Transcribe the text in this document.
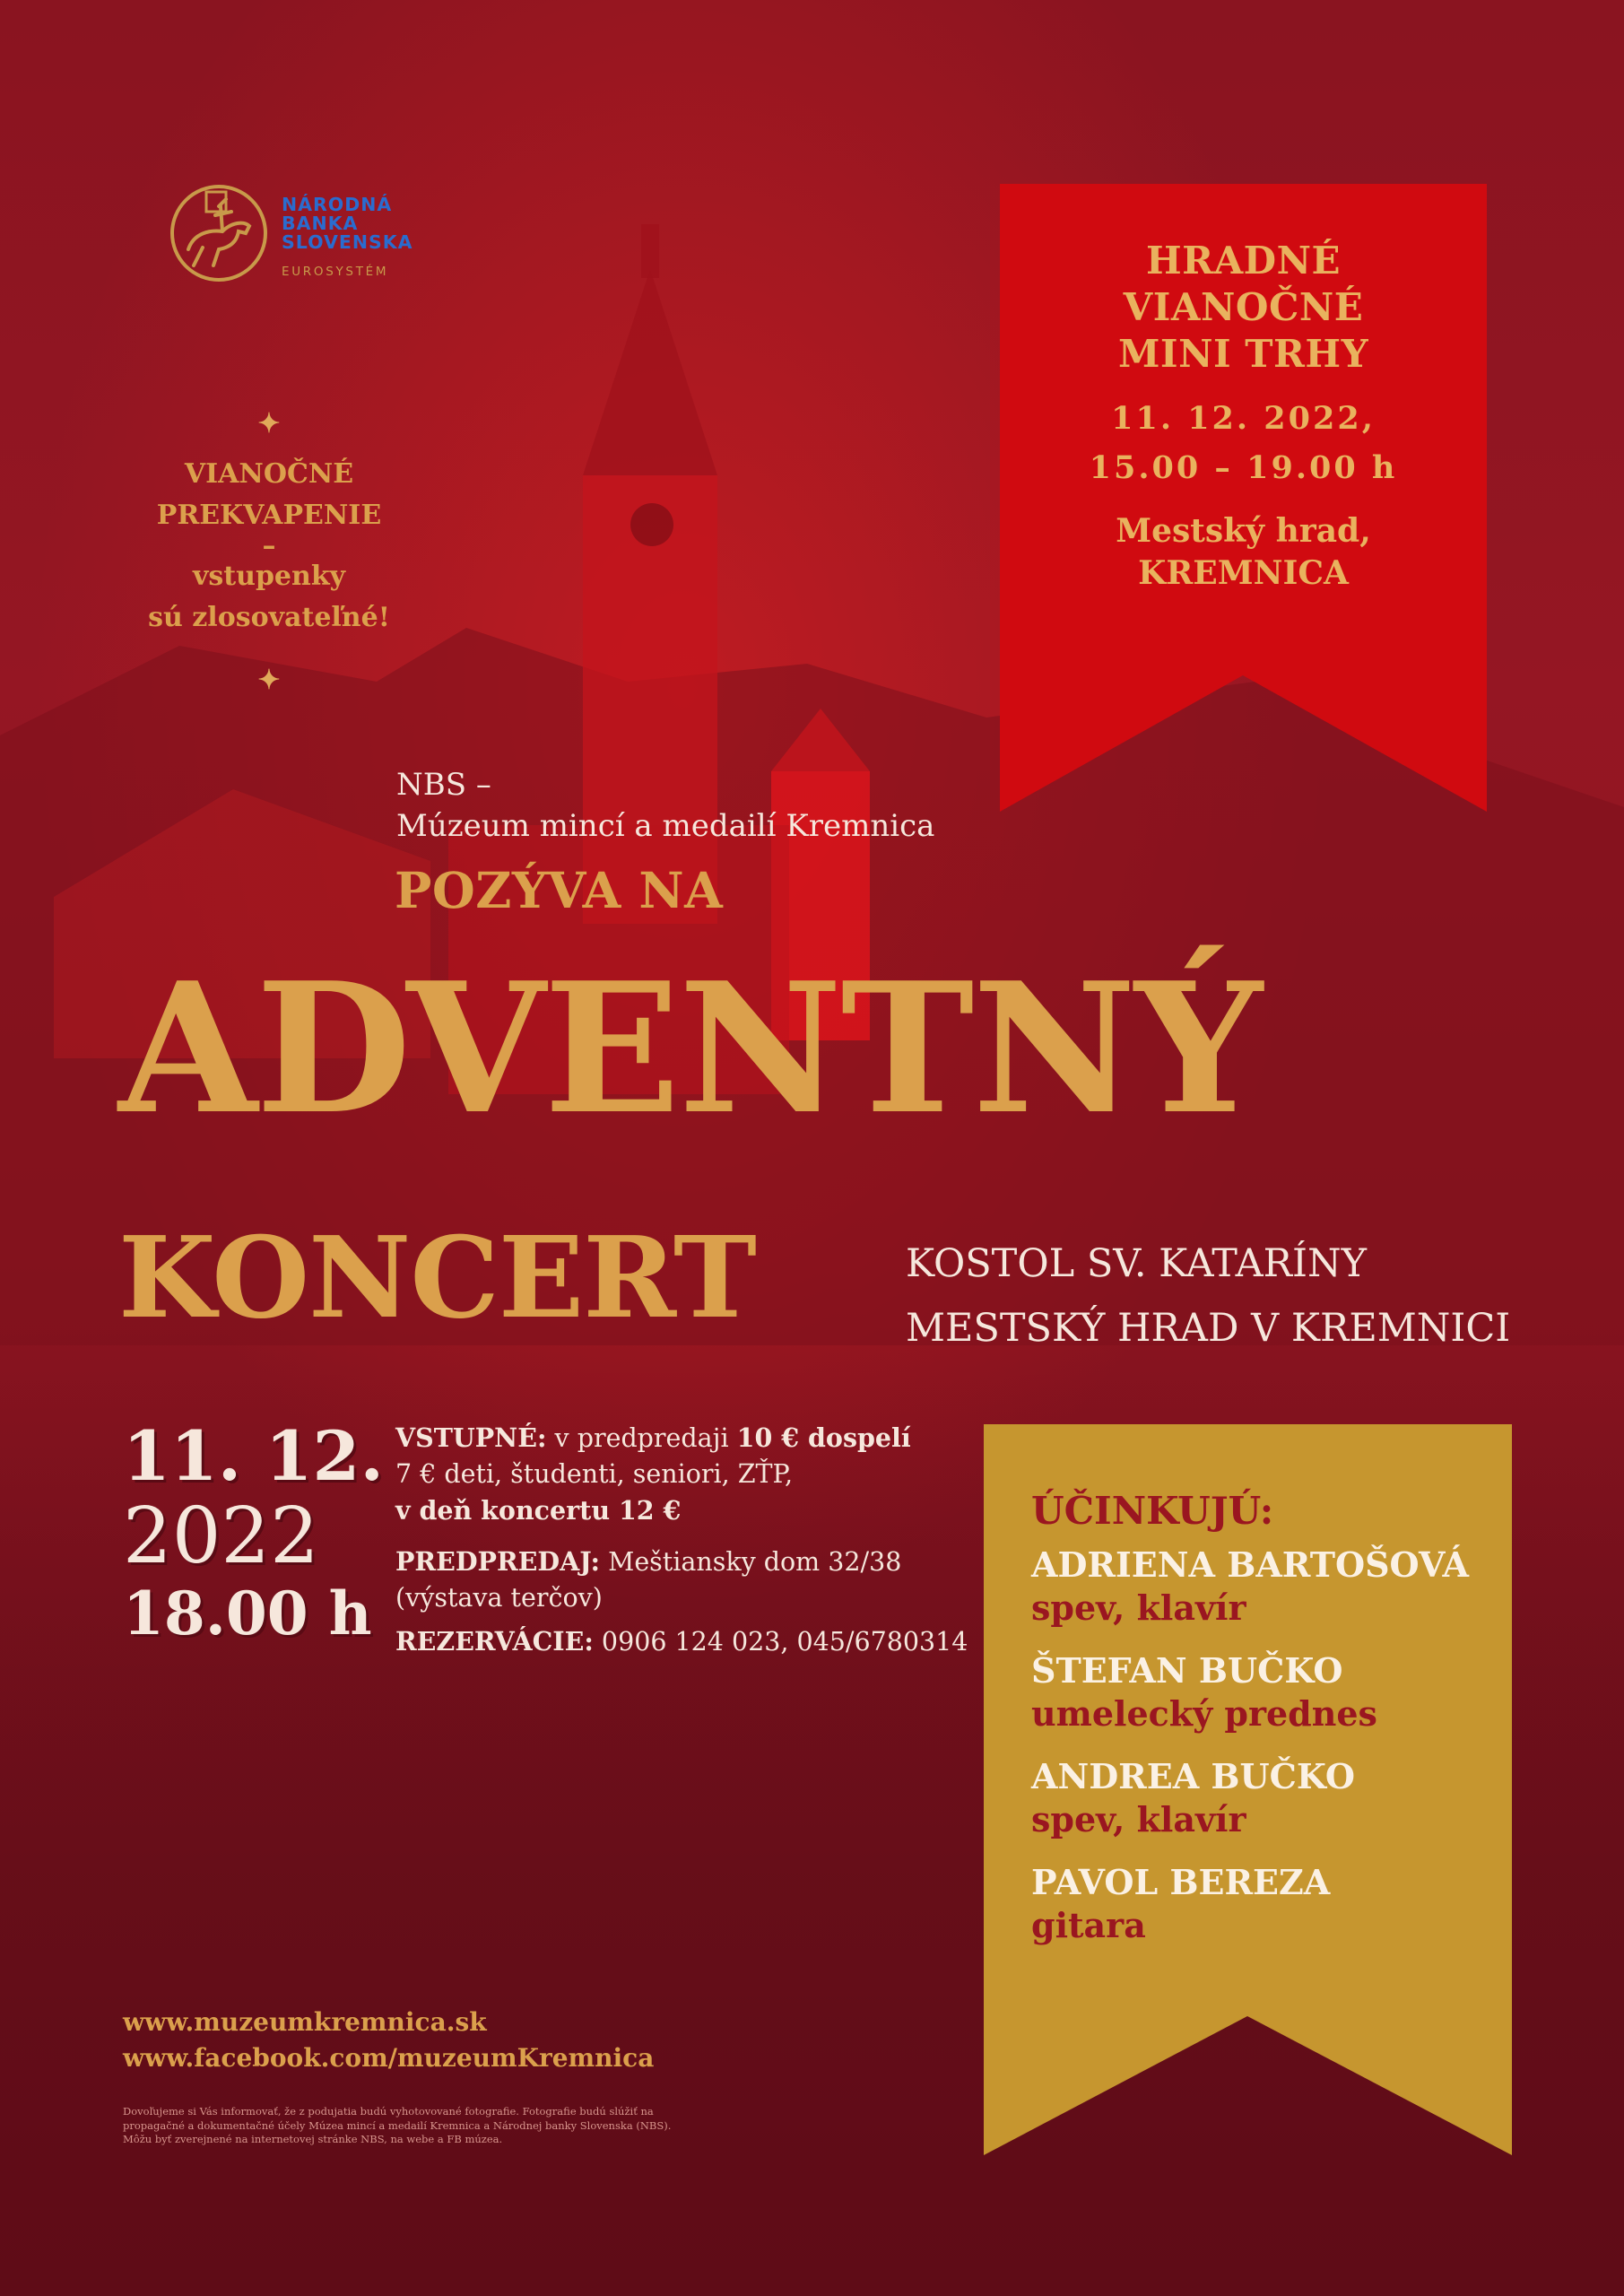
NÁRODNÁ
BANKA
SLOVENSKA
EUROSYSTÉM
✦
VIANOČNÉ
PREKVAPENIE
–
vstupenky
sú zlosovateľné!
✦
HRADNÉ
VIANOČNÉ
MINI TRHY
11. 12. 2022,
15.00 – 19.00 h
Mestský hrad,
KREMNICA
NBS –
Múzeum mincí a medailí Kremnica
POZÝVA NA
ADVENTNÝ
KONCERT	KOSTOL SV. KATARÍNY
MESTSKÝ HRAD V KREMNICI
11. 12.
2022
18.00 h
VSTUPNÉ: v predpredaji 10 € dospelí
7 € deti, študenti, seniori, ZŤP,
v deň koncertu 12 €
PREDPREDAJ: Meštiansky dom 32/38
(výstava terčov)
REZERVÁCIE: 0906 124 023, 045/6780314
ÚČINKUJÚ:
ADRIENA BARTOŠOVÁ
spev, klavír
ŠTEFAN BUČKO
umelecký prednes
ANDREA BUČKO
spev, klavír
PAVOL BEREZA
gitara
www.muzeumkremnica.sk
www.facebook.com/muzeumKremnica
Dovoľujeme si Vás informovať, že z podujatia budú vyhotovované fotografie. Fotografie budú slúžiť na
propagačné a dokumentačné účely Múzea mincí a medailí Kremnica a Národnej banky Slovenska (NBS).
Môžu byť zverejnené na internetovej stránke NBS, na webe a FB múzea.
